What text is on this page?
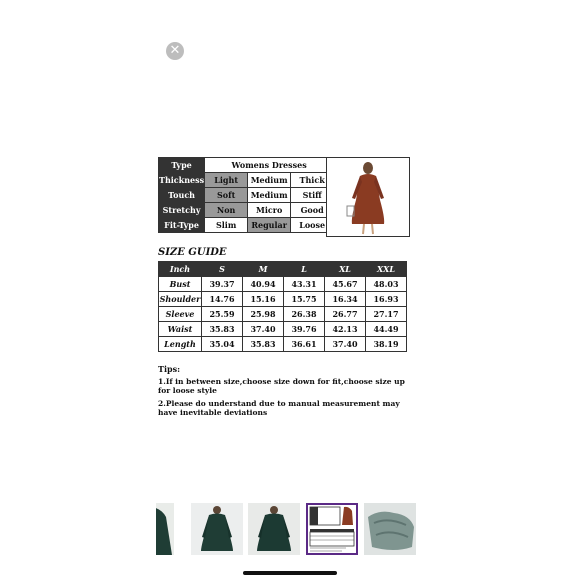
✕
Type	Womens Dresses		
Thickness	Light	Medium	Thick
Touch	Soft	Medium	Stiff
Stretchy	Non	Micro	Good
Fit-Type	Slim	Regular	Loose
SIZE GUIDE
Inch	S	M	L	XL	XXL
Bust	39.37	40.94	43.31	45.67	48.03
Shoulder	14.76	15.16	15.75	16.34	16.93
Sleeve	25.59	25.98	26.38	26.77	27.17
Waist	35.83	37.40	39.76	42.13	44.49
Length	35.04	35.83	36.61	37.40	38.19
Tips:
1.If in between size,choose size down for fit,choose size up for loose style
2.Please do understand due to manual measurement may have inevitable deviations
